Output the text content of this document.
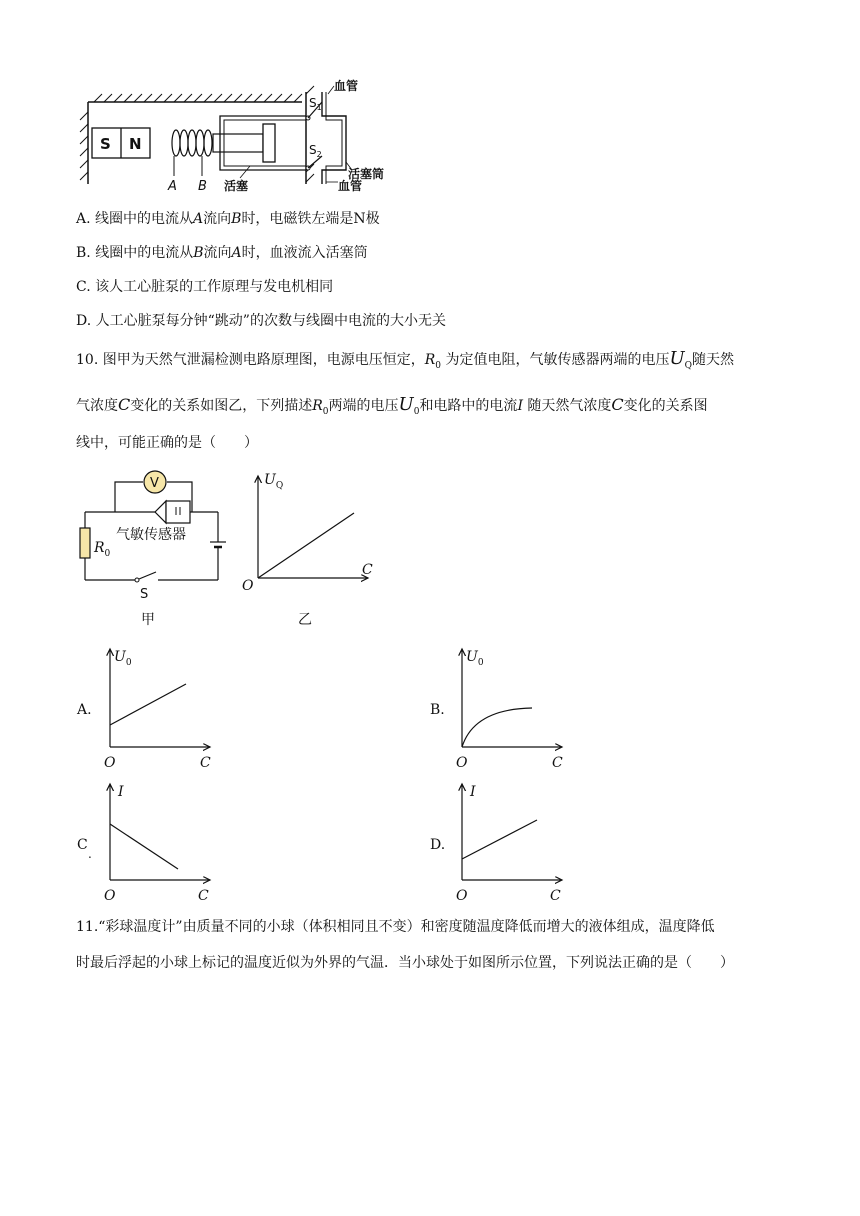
S N
A B
$S_1$
$S_2$
血管
活塞筒
血管
活塞
A. 线圈中的电流从A流向B时，电磁铁左端是N极
B. 线圈中的电流从B流向A时，血液流入活塞筒
C. 该人工心脏泵的工作原理与发电机相同
D. 人工心脏泵每分钟“跳动”的次数与线圈中电流的大小无关
10. 图甲为天然气泄漏检测电路原理图，电源电压恒定，$R_0$ 为定值电阻，气敏传感器两端的电压$U_Q$随天然
气浓度C变化的关系如图乙，下列描述$R_0$两端的电压$U_0$和电路中的电流I 随天然气浓度C变化的关系图
线中，可能正确的是（　　）
V
气敏传感器
$R_0$
S
甲
$U_Q$
C
O
乙
A.
$U_0$
C
O
B.
$U_0$
C
O
C
.
I
C
O
D.
I
C
O
11.“彩球温度计”由质量不同的小球（体积相同且不变）和密度随温度降低而增大的液体组成，温度降低
时最后浮起的小球上标记的温度近似为外界的气温．当小球处于如图所示位置，下列说法正确的是（　　）
